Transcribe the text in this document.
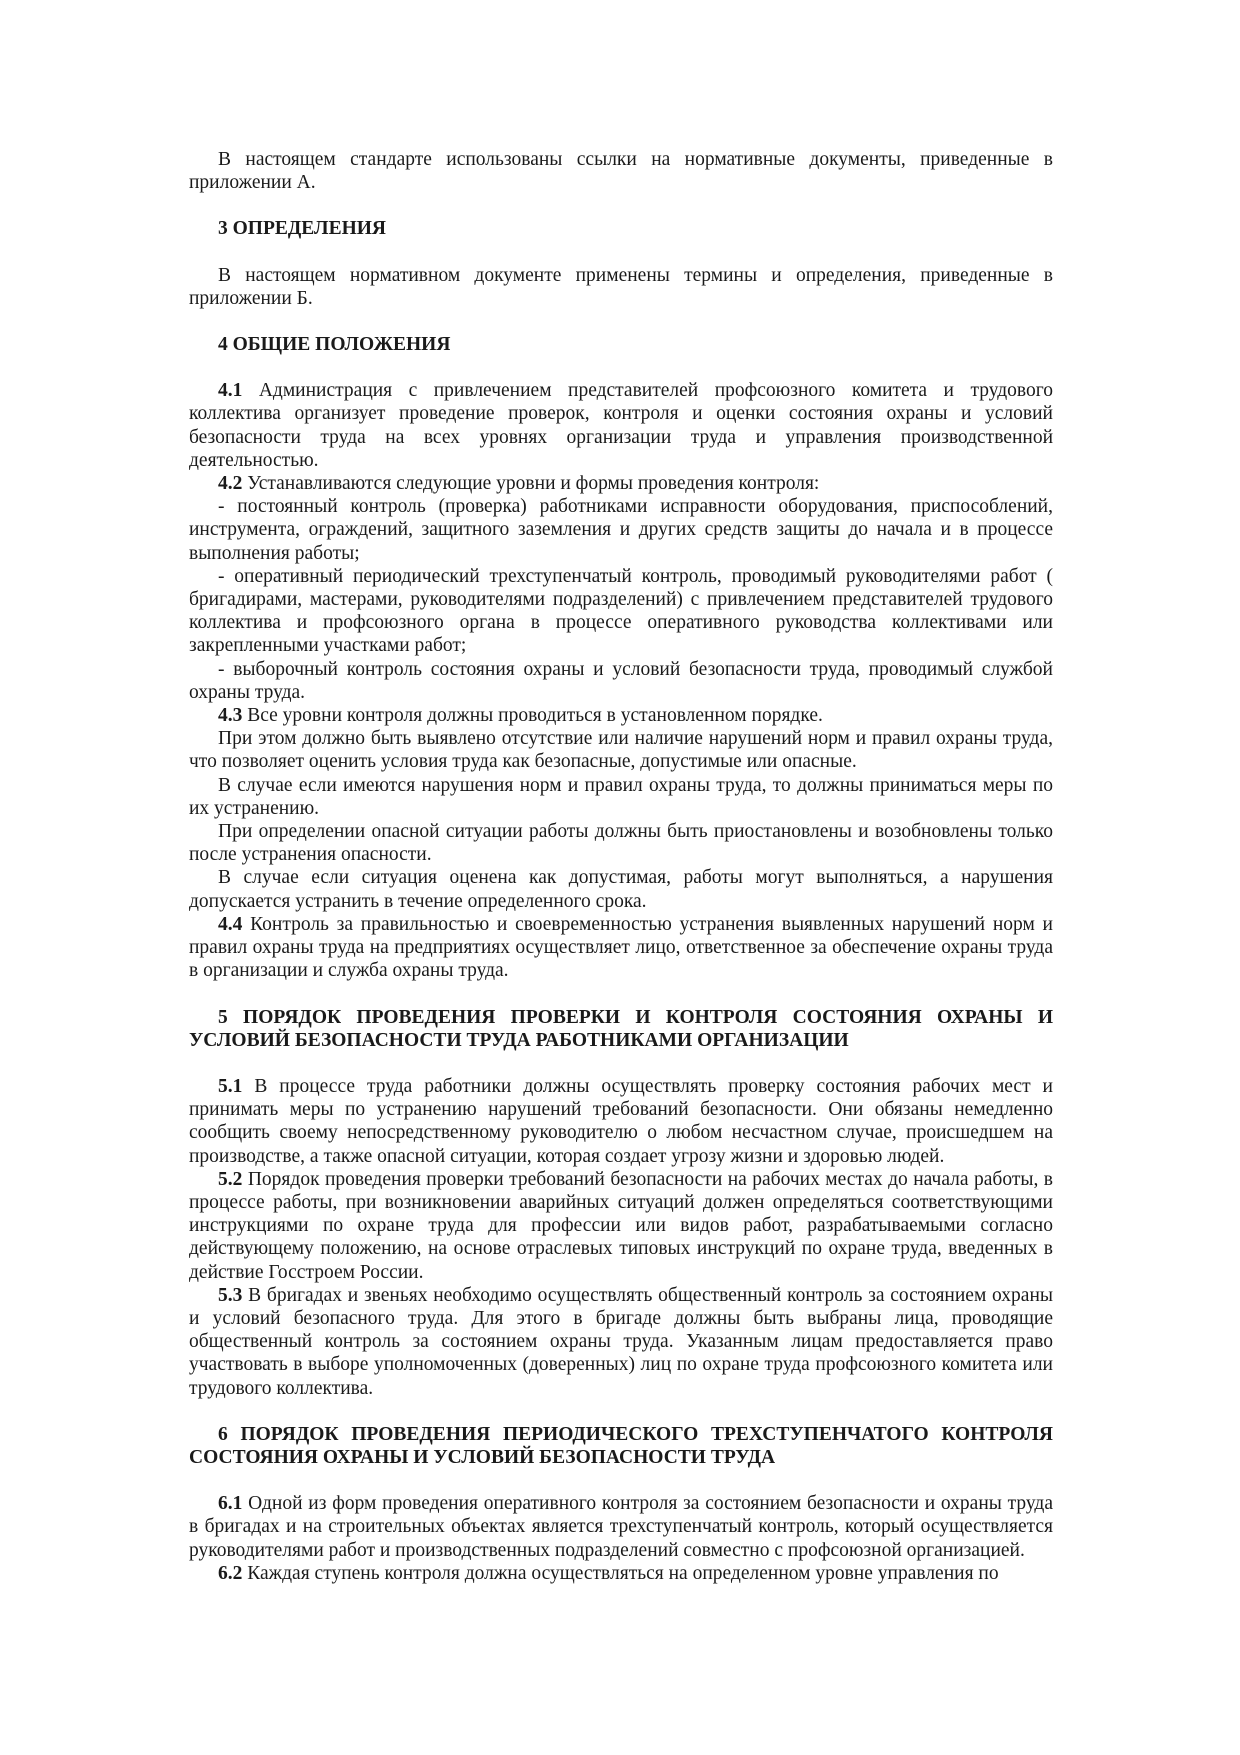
В настоящем стандарте использованы ссылки на нормативные документы, приведенные в приложении А.

3 ОПРЕДЕЛЕНИЯ

В настоящем нормативном документе применены термины и определения, приведенные в приложении Б.

4 ОБЩИЕ ПОЛОЖЕНИЯ

4.1 Администрация с привлечением представителей профсоюзного комитета и трудового коллектива организует проведение проверок, контроля и оценки состояния охраны и условий безопасности труда на всех уровнях организации труда и управления производственной деятельностью.

4.2 Устанавливаются следующие уровни и формы проведения контроля:

- постоянный контроль (проверка) работниками исправности оборудования, приспособлений, инструмента, ограждений, защитного заземления и других средств защиты до начала и в процессе выполнения работы;

- оперативный периодический трехступенчатый контроль, проводимый руководителями работ ( бригадирами, мастерами, руководителями подразделений) с привлечением представителей трудового коллектива и профсоюзного органа в процессе оперативного руководства коллективами или закрепленными участками работ;

- выборочный контроль состояния охраны и условий безопасности труда, проводимый службой охраны труда.

4.3 Все уровни контроля должны проводиться в установленном порядке.

При этом должно быть выявлено отсутствие или наличие нарушений норм и правил охраны труда, что позволяет оценить условия труда как безопасные, допустимые или опасные.

В случае если имеются нарушения норм и правил охраны труда, то должны приниматься меры по их устранению.

При определении опасной ситуации работы должны быть приостановлены и возобновлены только после устранения опасности.

В случае если ситуация оценена как допустимая, работы могут выполняться, а нарушения допускается устранить в течение определенного срока.

4.4 Контроль за правильностью и своевременностью устранения выявленных нарушений норм и правил охраны труда на предприятиях осуществляет лицо, ответственное за обеспечение охраны труда в организации и служба охраны труда.

5 ПОРЯДОК ПРОВЕДЕНИЯ ПРОВЕРКИ И КОНТРОЛЯ СОСТОЯНИЯ ОХРАНЫ И УСЛОВИЙ БЕЗОПАСНОСТИ ТРУДА РАБОТНИКАМИ ОРГАНИЗАЦИИ

5.1 В процессе труда работники должны осуществлять проверку состояния рабочих мест и принимать меры по устранению нарушений требований безопасности. Они обязаны немедленно сообщить своему непосредственному руководителю о любом несчастном случае, происшедшем на производстве, а также опасной ситуации, которая создает угрозу жизни и здоровью людей.

5.2 Порядок проведения проверки требований безопасности на рабочих местах до начала работы, в процессе работы, при возникновении аварийных ситуаций должен определяться соответствующими инструкциями по охране труда для профессии или видов работ, разрабатываемыми согласно действующему положению, на основе отраслевых типовых инструкций по охране труда, введенных в действие Госстроем России.

5.3 В бригадах и звеньях необходимо осуществлять общественный контроль за состоянием охраны и условий безопасного труда. Для этого в бригаде должны быть выбраны лица, проводящие общественный контроль за состоянием охраны труда. Указанным лицам предоставляется право участвовать в выборе уполномоченных (доверенных) лиц по охране труда профсоюзного комитета или трудового коллектива.

6 ПОРЯДОК ПРОВЕДЕНИЯ ПЕРИОДИЧЕСКОГО ТРЕХСТУПЕНЧАТОГО КОНТРОЛЯ СОСТОЯНИЯ ОХРАНЫ И УСЛОВИЙ БЕЗОПАСНОСТИ ТРУДА

6.1 Одной из форм проведения оперативного контроля за состоянием безопасности и охраны труда в бригадах и на строительных объектах является трехступенчатый контроль, который осуществляется руководителями работ и производственных подразделений совместно с профсоюзной организацией.

6.2 Каждая ступень контроля должна осуществляться на определенном уровне управления по
